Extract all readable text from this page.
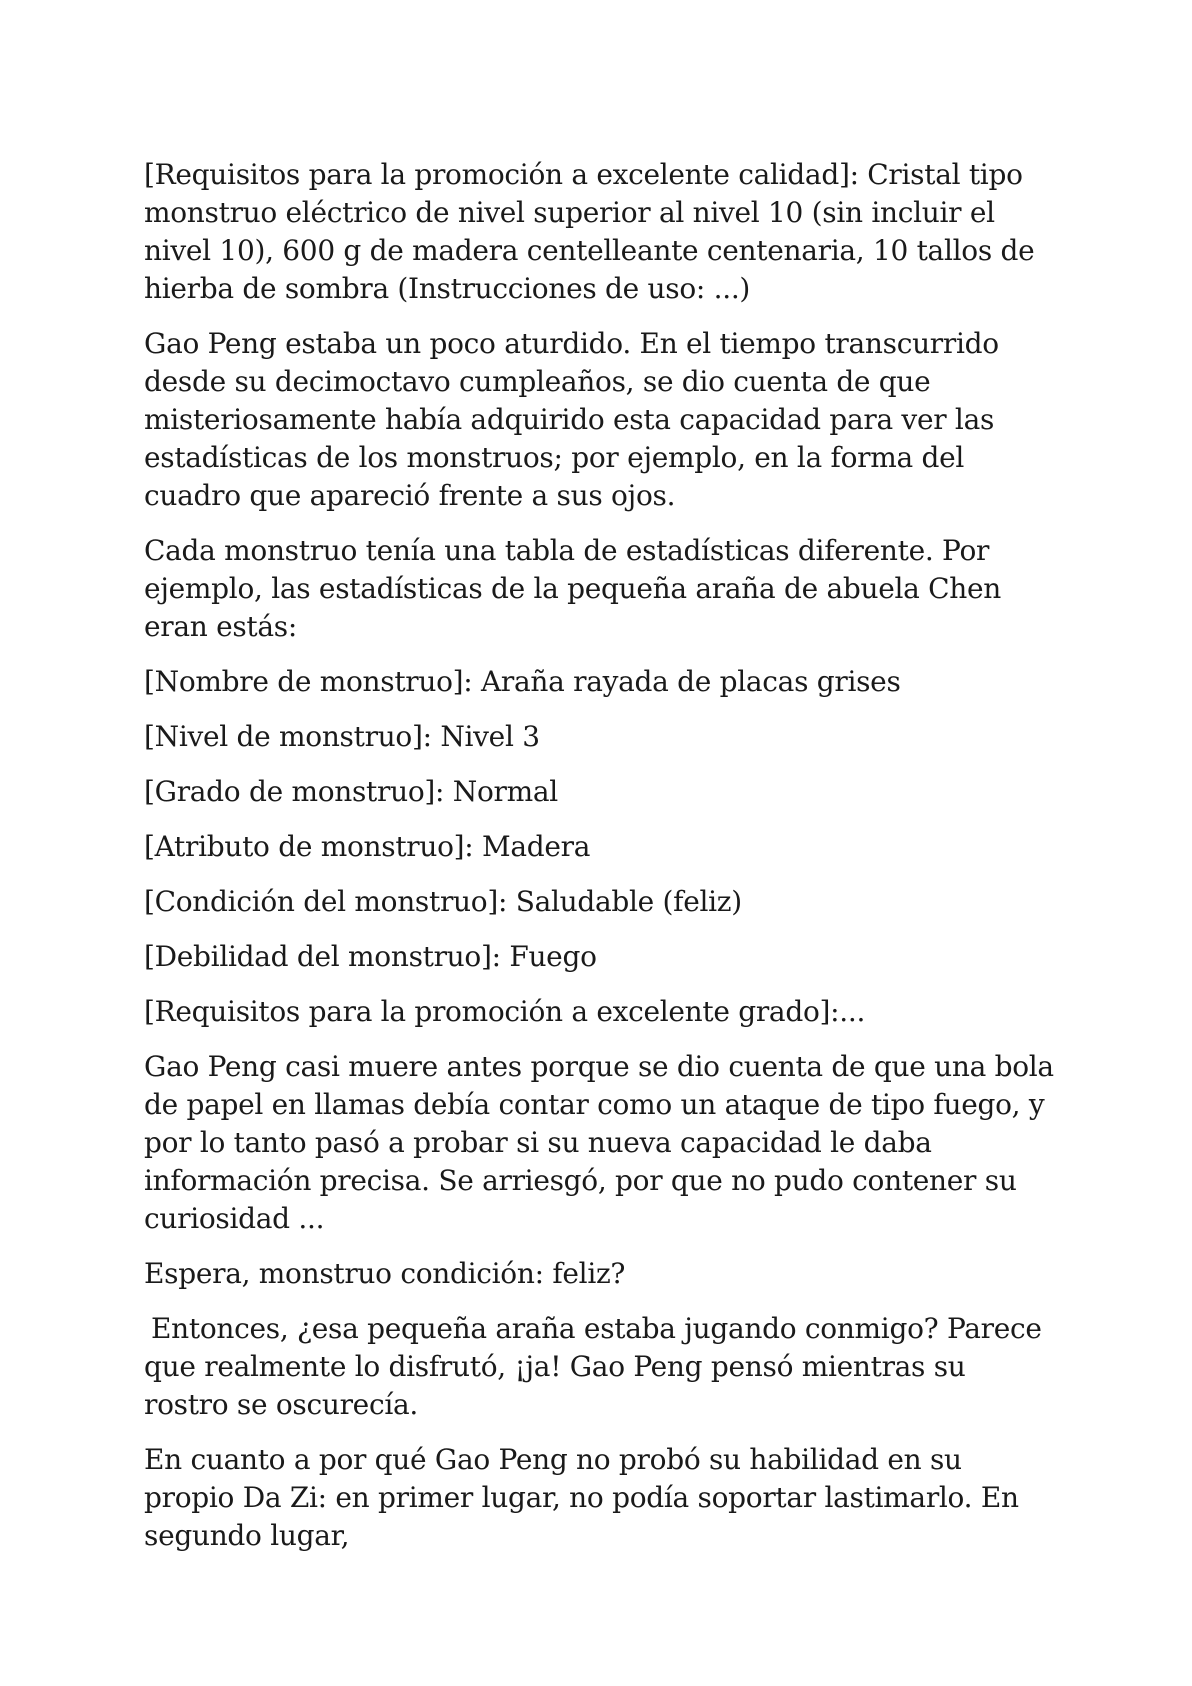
[Requisitos para la promoción a excelente calidad]: Cristal tipo monstruo eléctrico de nivel superior al nivel 10 (sin incluir el nivel 10), 600 g de madera centelleante centenaria, 10 tallos de hierba de sombra (Instrucciones de uso: ...)

Gao Peng estaba un poco aturdido. En el tiempo transcurrido desde su decimoctavo cumpleaños, se dio cuenta de que misteriosamente había adquirido esta capacidad para ver las estadísticas de los monstruos; por ejemplo, en la forma del cuadro que apareció frente a sus ojos.

Cada monstruo tenía una tabla de estadísticas diferente. Por ejemplo, las estadísticas de la pequeña araña de abuela Chen eran estás:

[Nombre de monstruo]: Araña rayada de placas grises

[Nivel de monstruo]: Nivel 3

[Grado de monstruo]: Normal

[Atributo de monstruo]: Madera

[Condición del monstruo]: Saludable (feliz)

[Debilidad del monstruo]: Fuego

[Requisitos para la promoción a excelente grado]:...

Gao Peng casi muere antes porque se dio cuenta de que una bola de papel en llamas debía contar como un ataque de tipo fuego, y por lo tanto pasó a probar si su nueva capacidad le daba información precisa. Se arriesgó, por que no pudo contener su curiosidad ...

Espera, monstruo condición: feliz?

Entonces, ¿esa pequeña araña estaba jugando conmigo? Parece que realmente lo disfrutó, ¡ja! Gao Peng pensó mientras su rostro se oscurecía.

En cuanto a por qué Gao Peng no probó su habilidad en su propio Da Zi: en primer lugar, no podía soportar lastimarlo. En segundo lugar,
